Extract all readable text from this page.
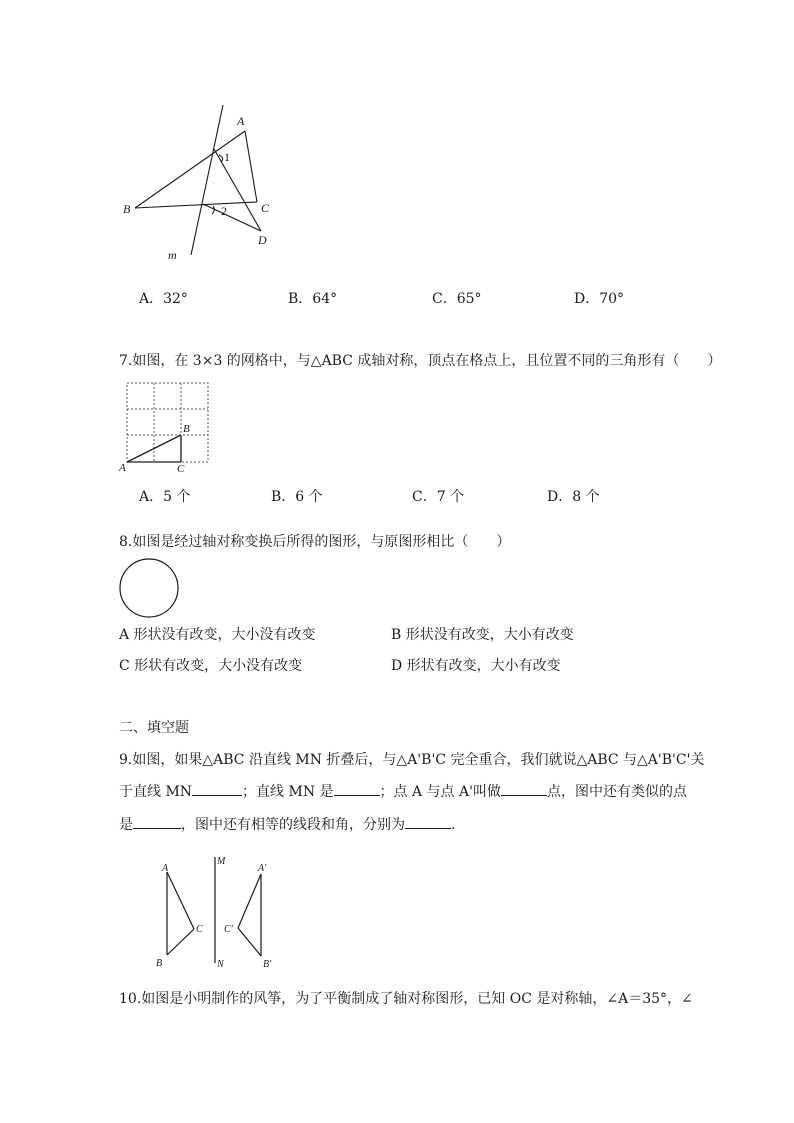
A
B	C
D
m
1
2
A．32°	B．64°	C．65°	D．70°
7.如图，在 3×3 的网格中，与△ABC 成轴对称，顶点在格点上，且位置不同的三角形有（　　）
A
B
C
A．5 个	B．6 个	C．7 个	D．8 个
8.如图是经过轴对称变换后所得的图形，与原图形相比（　　）
A 形状没有改变，大小没有改变	B 形状没有改变，大小有改变
C 形状有改变，大小没有改变	D 形状有改变，大小有改变
二、填空题
9.如图，如果△ABC 沿直线 MN 折叠后，与△A'B'C 完全重合，我们就说△ABC 与△A'B'C'关
于直线 MN	；直线 MN 是	；点 A 与点 A'叫做	点，图中还有类似的点
是	，图中还有相等的线段和角，分别为	.
A
B
C
M
N
A′
B′
C′
10.如图是小明制作的风筝，为了平衡制成了轴对称图形，已知 OC 是对称轴，∠A＝35°，∠
